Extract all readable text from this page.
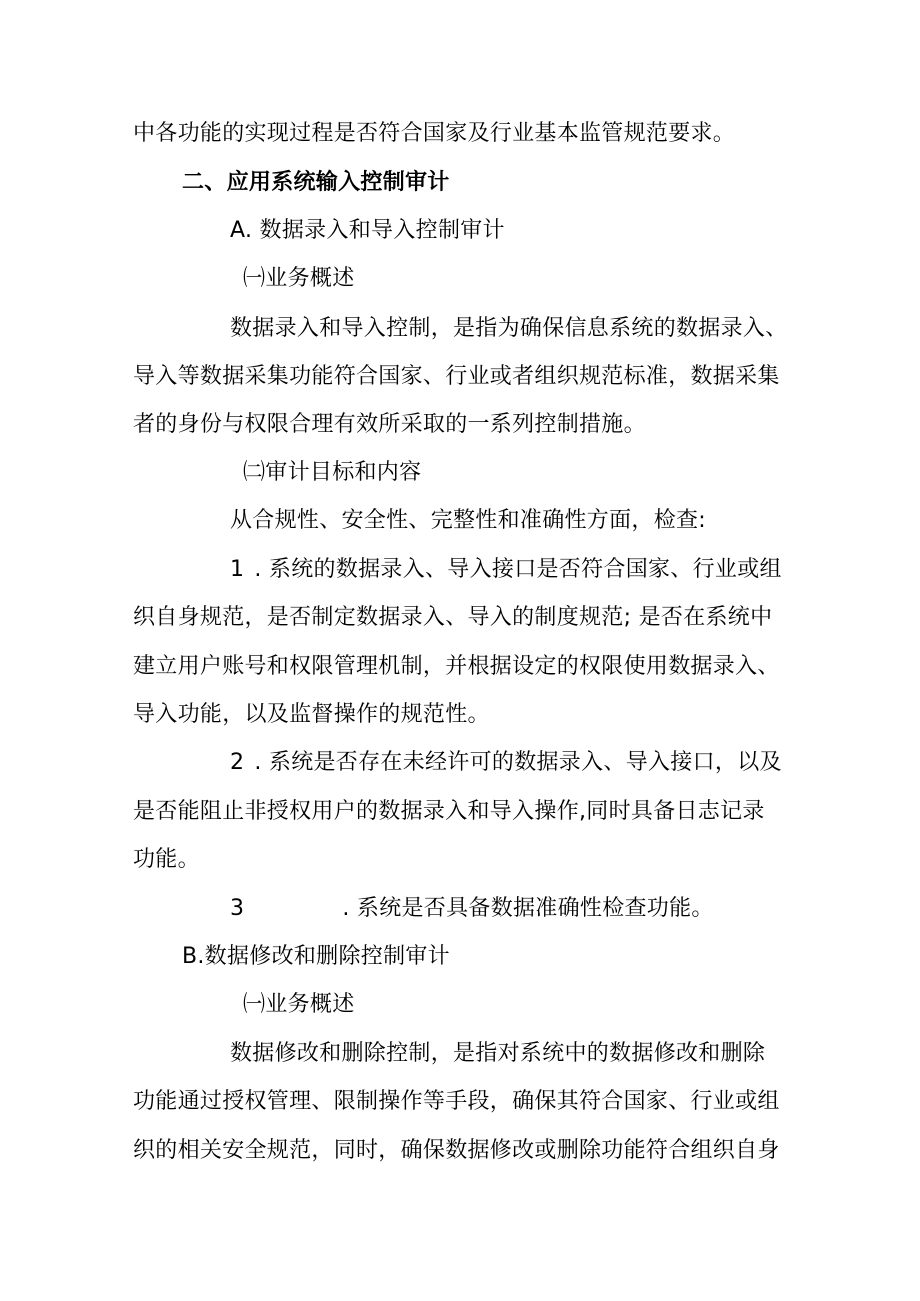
中各功能的实现过程是否符合国家及行业基本监管规范要求。
二、应用系统输入控制审计
A. 数据录入和导入控制审计
㈠业务概述
数据录入和导入控制，是指为确保信息系统的数据录入、
导入等数据采集功能符合国家、行业或者组织规范标准，数据采集
者的身份与权限合理有效所采取的一系列控制措施。
㈡审计目标和内容
从合规性、安全性、完整性和准确性方面，检查:
1 . 系统的数据录入、导入接口是否符合国家、行业或组
织自身规范，是否制定数据录入、导入的制度规范; 是否在系统中
建立用户账号和权限管理机制，并根据设定的权限使用数据录入、
导入功能，以及监督操作的规范性。
2 . 系统是否存在未经许可的数据录入、导入接口，以及
是否能阻止非授权用户的数据录入和导入操作,同时具备日志记录
功能。
3	. 系统是否具备数据准确性检查功能。
B.数据修改和删除控制审计
㈠业务概述
数据修改和删除控制，是指对系统中的数据修改和删除
功能通过授权管理、限制操作等手段，确保其符合国家、行业或组
织的相关安全规范，同时，确保数据修改或删除功能符合组织自身
